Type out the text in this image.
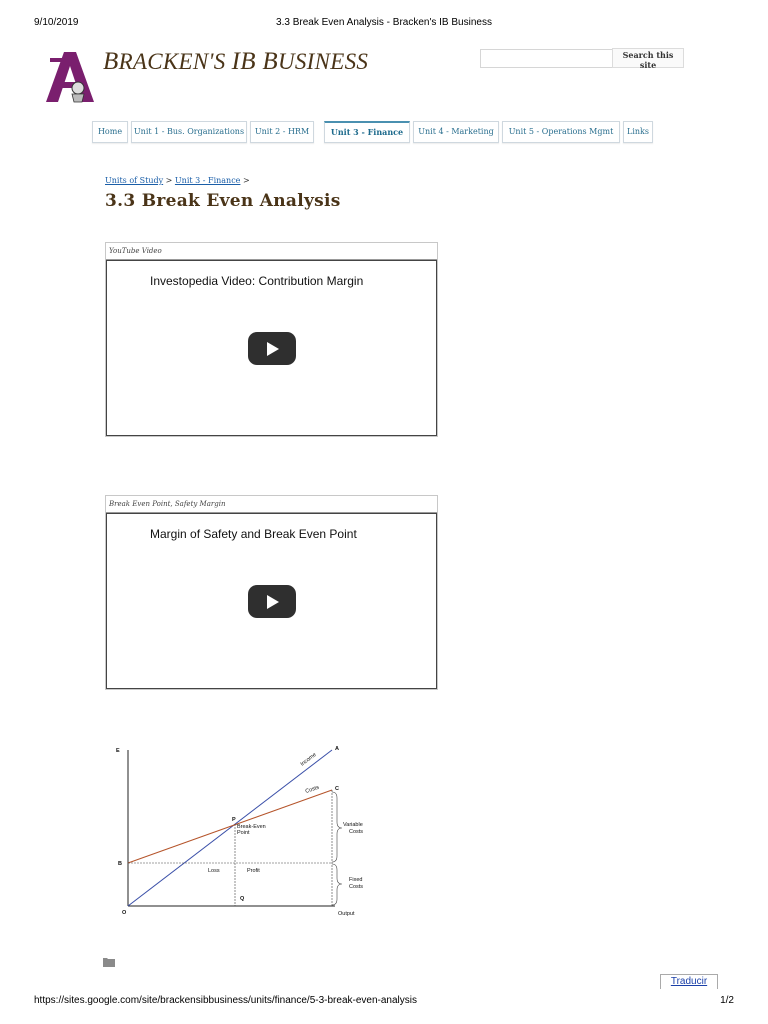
9/10/2019	3.3 Break Even Analysis - Bracken's IB Business
BRACKEN'S IB BUSINESS	Search this site
Home	Unit 1 - Bus. Organizations	Unit 2 - HRM	Unit 3 - Finance	Unit 4 - Marketing	Unit 5 - Operations Mgmt	Links
Units of Study > Unit 3 - Finance >
3.3 Break Even Analysis
YouTube Video
Investopedia Video: Contribution Margin
Break Even Point, Safety Margin
Margin of Safety and Break Even Point
E	A
C
P
B
O
Q
Income
Costs
Break-Even
Point
Variable
Costs
Fixed
Costs
Loss	Profit
Output
Traducir
https://sites.google.com/site/brackensibbusiness/units/finance/5-3-break-even-analysis	1/2
